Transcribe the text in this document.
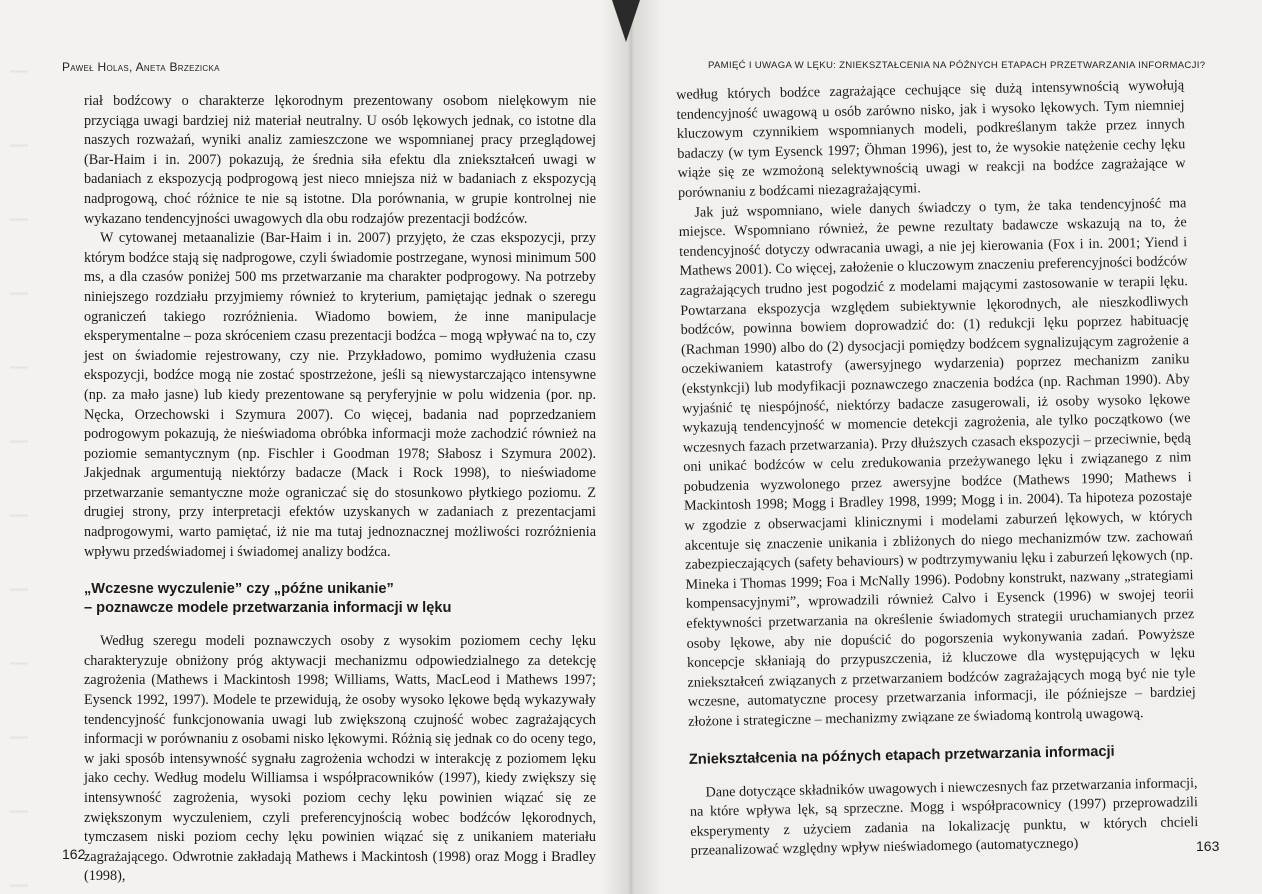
Paweł Holas, Aneta Brzezicka

riał bodźcowy o charakterze lękorodnym prezentowany osobom nielękowym nie przyciąga uwagi bardziej niż materiał neutralny. U osób lękowych jednak, co istotne dla naszych rozważań, wyniki analiz zamieszczone we wspomnianej pracy przeglądowej (Bar-Haim i in. 2007) pokazują, że średnia siła efektu dla zniekształceń uwagi w badaniach z ekspozycją podprogową jest nieco mniejsza niż w badaniach z ekspozycją nadprogową, choć różnice te nie są istotne. Dla porównania, w grupie kontrolnej nie wykazano tendencyjności uwagowych dla obu rodzajów prezentacji bodźców.

W cytowanej metaanalizie (Bar-Haim i in. 2007) przyjęto, że czas ekspozycji, przy którym bodźce stają się nadprogowe, czyli świadomie postrzegane, wynosi minimum 500 ms, a dla czasów poniżej 500 ms przetwarzanie ma charakter podprogowy. Na potrzeby niniejszego rozdziału przyjmiemy również to kryterium, pamiętając jednak o szeregu ograniczeń takiego rozróżnienia. Wiadomo bowiem, że inne manipulacje eksperymentalne – poza skróceniem czasu prezentacji bodźca – mogą wpływać na to, czy jest on świadomie rejestrowany, czy nie. Przykładowo, pomimo wydłużenia czasu ekspozycji, bodźce mogą nie zostać spostrzeżone, jeśli są niewystarczająco intensywne (np. za mało jasne) lub kiedy prezentowane są peryferyjnie w polu widzenia (por. np. Nęcka, Orzechowski i Szymura 2007). Co więcej, badania nad poprzedzaniem podrogowym pokazują, że nieświadoma obróbka informacji może zachodzić również na poziomie semantycznym (np. Fischler i Goodman 1978; Słabosz i Szymura 2002). Jakjednak argumentują niektórzy badacze (Mack i Rock 1998), to nieświadome przetwarzanie semantyczne może ograniczać się do stosunkowo płytkiego poziomu. Z drugiej strony, przy interpretacji efektów uzyskanych w zadaniach z prezentacjami nadprogowymi, warto pamiętać, iż nie ma tutaj jednoznacznej możliwości rozróżnienia wpływu przedświadomej i świadomej analizy bodźca.

„Wczesne wyczulenie” czy „późne unikanie”
– poznawcze modele przetwarzania informacji w lęku

Według szeregu modeli poznawczych osoby z wysokim poziomem cechy lęku charakteryzuje obniżony próg aktywacji mechanizmu odpowiedzialnego za detekcję zagrożenia (Mathews i Mackintosh 1998; Williams, Watts, MacLeod i Mathews 1997; Eysenck 1992, 1997). Modele te przewidują, że osoby wysoko lękowe będą wykazywały tendencyjność funkcjonowania uwagi lub zwiększoną czujność wobec zagrażających informacji w porównaniu z osobami nisko lękowymi. Różnią się jednak co do oceny tego, w jaki sposób intensywność sygnału zagrożenia wchodzi w interakcję z poziomem lęku jako cechy. Według modelu Williamsa i współpracowników (1997), kiedy zwiększy się intensywność zagrożenia, wysoki poziom cechy lęku powinien wiązać się ze zwiększonym wyczuleniem, czyli preferencyjnością wobec bodźców lękorodnych, tymczasem niski poziom cechy lęku powinien wiązać się z unikaniem materiału zagrażającego. Odwrotnie zakładają Mathews i Mackintosh (1998) oraz Mogg i Bradley (1998),

162
PAMIĘĆ I UWAGA W LĘKU: ZNIEKSZTAŁCENIA NA PÓŹNYCH ETAPACH PRZETWARZANIA INFORMACJI?

według których bodźce zagrażające cechujące się dużą intensywnością wywołują tendencyjność uwagową u osób zarówno nisko, jak i wysoko lękowych. Tym niemniej kluczowym czynnikiem wspomnianych modeli, podkreślanym także przez innych badaczy (w tym Eysenck 1997; Öhman 1996), jest to, że wysokie natężenie cechy lęku wiąże się ze wzmożoną selektywnością uwagi w reakcji na bodźce zagrażające w porównaniu z bodźcami niezagrażającymi.

Jak już wspomniano, wiele danych świadczy o tym, że taka tendencyjność ma miejsce. Wspomniano również, że pewne rezultaty badawcze wskazują na to, że tendencyjność dotyczy odwracania uwagi, a nie jej kierowania (Fox i in. 2001; Yiend i Mathews 2001). Co więcej, założenie o kluczowym znaczeniu preferencyjności bodźców zagrażających trudno jest pogodzić z modelami mającymi zastosowanie w terapii lęku. Powtarzana ekspozycja względem subiektywnie lękorodnych, ale nieszkodliwych bodźców, powinna bowiem doprowadzić do: (1) redukcji lęku poprzez habituację (Rachman 1990) albo do (2) dysocjacji pomiędzy bodźcem sygnalizującym zagrożenie a oczekiwaniem katastrofy (awersyjnego wydarzenia) poprzez mechanizm zaniku (ekstynkcji) lub modyfikacji poznawczego znaczenia bodźca (np. Rachman 1990). Aby wyjaśnić tę niespójność, niektórzy badacze zasugerowali, iż osoby wysoko lękowe wykazują tendencyjność w momencie detekcji zagrożenia, ale tylko początkowo (we wczesnych fazach przetwarzania). Przy dłuższych czasach ekspozycji – przeciwnie, będą oni unikać bodźców w celu zredukowania przeżywanego lęku i związanego z nim pobudzenia wyzwolonego przez awersyjne bodźce (Mathews 1990; Mathews i Mackintosh 1998; Mogg i Bradley 1998, 1999; Mogg i in. 2004). Ta hipoteza pozostaje w zgodzie z obserwacjami klinicznymi i modelami zaburzeń lękowych, w których akcentuje się znaczenie unikania i zbliżonych do niego mechanizmów tzw. zachowań zabezpieczających (safety behaviours) w podtrzymywaniu lęku i zaburzeń lękowych (np. Mineka i Thomas 1999; Foa i McNally 1996). Podobny konstrukt, nazwany „strategiami kompensacyjnymi”, wprowadzili również Calvo i Eysenck (1996) w swojej teorii efektywności przetwarzania na określenie świadomych strategii uruchamianych przez osoby lękowe, aby nie dopuścić do pogorszenia wykonywania zadań. Powyższe koncepcje skłaniają do przypuszczenia, iż kluczowe dla występujących w lęku zniekształceń związanych z przetwarzaniem bodźców zagrażających mogą być nie tyle wczesne, automatyczne procesy przetwarzania informacji, ile późniejsze – bardziej złożone i strategiczne – mechanizmy związane ze świadomą kontrolą uwagową.

Zniekształcenia na późnych etapach przetwarzania informacji

Dane dotyczące składników uwagowych i niewczesnych faz przetwarzania informacji, na które wpływa lęk, są sprzeczne. Mogg i współpracownicy (1997) przeprowadzili eksperymenty z użyciem zadania na lokalizację punktu, w których chcieli przeanalizować względny wpływ nieświadomego (automatycznego)	163
